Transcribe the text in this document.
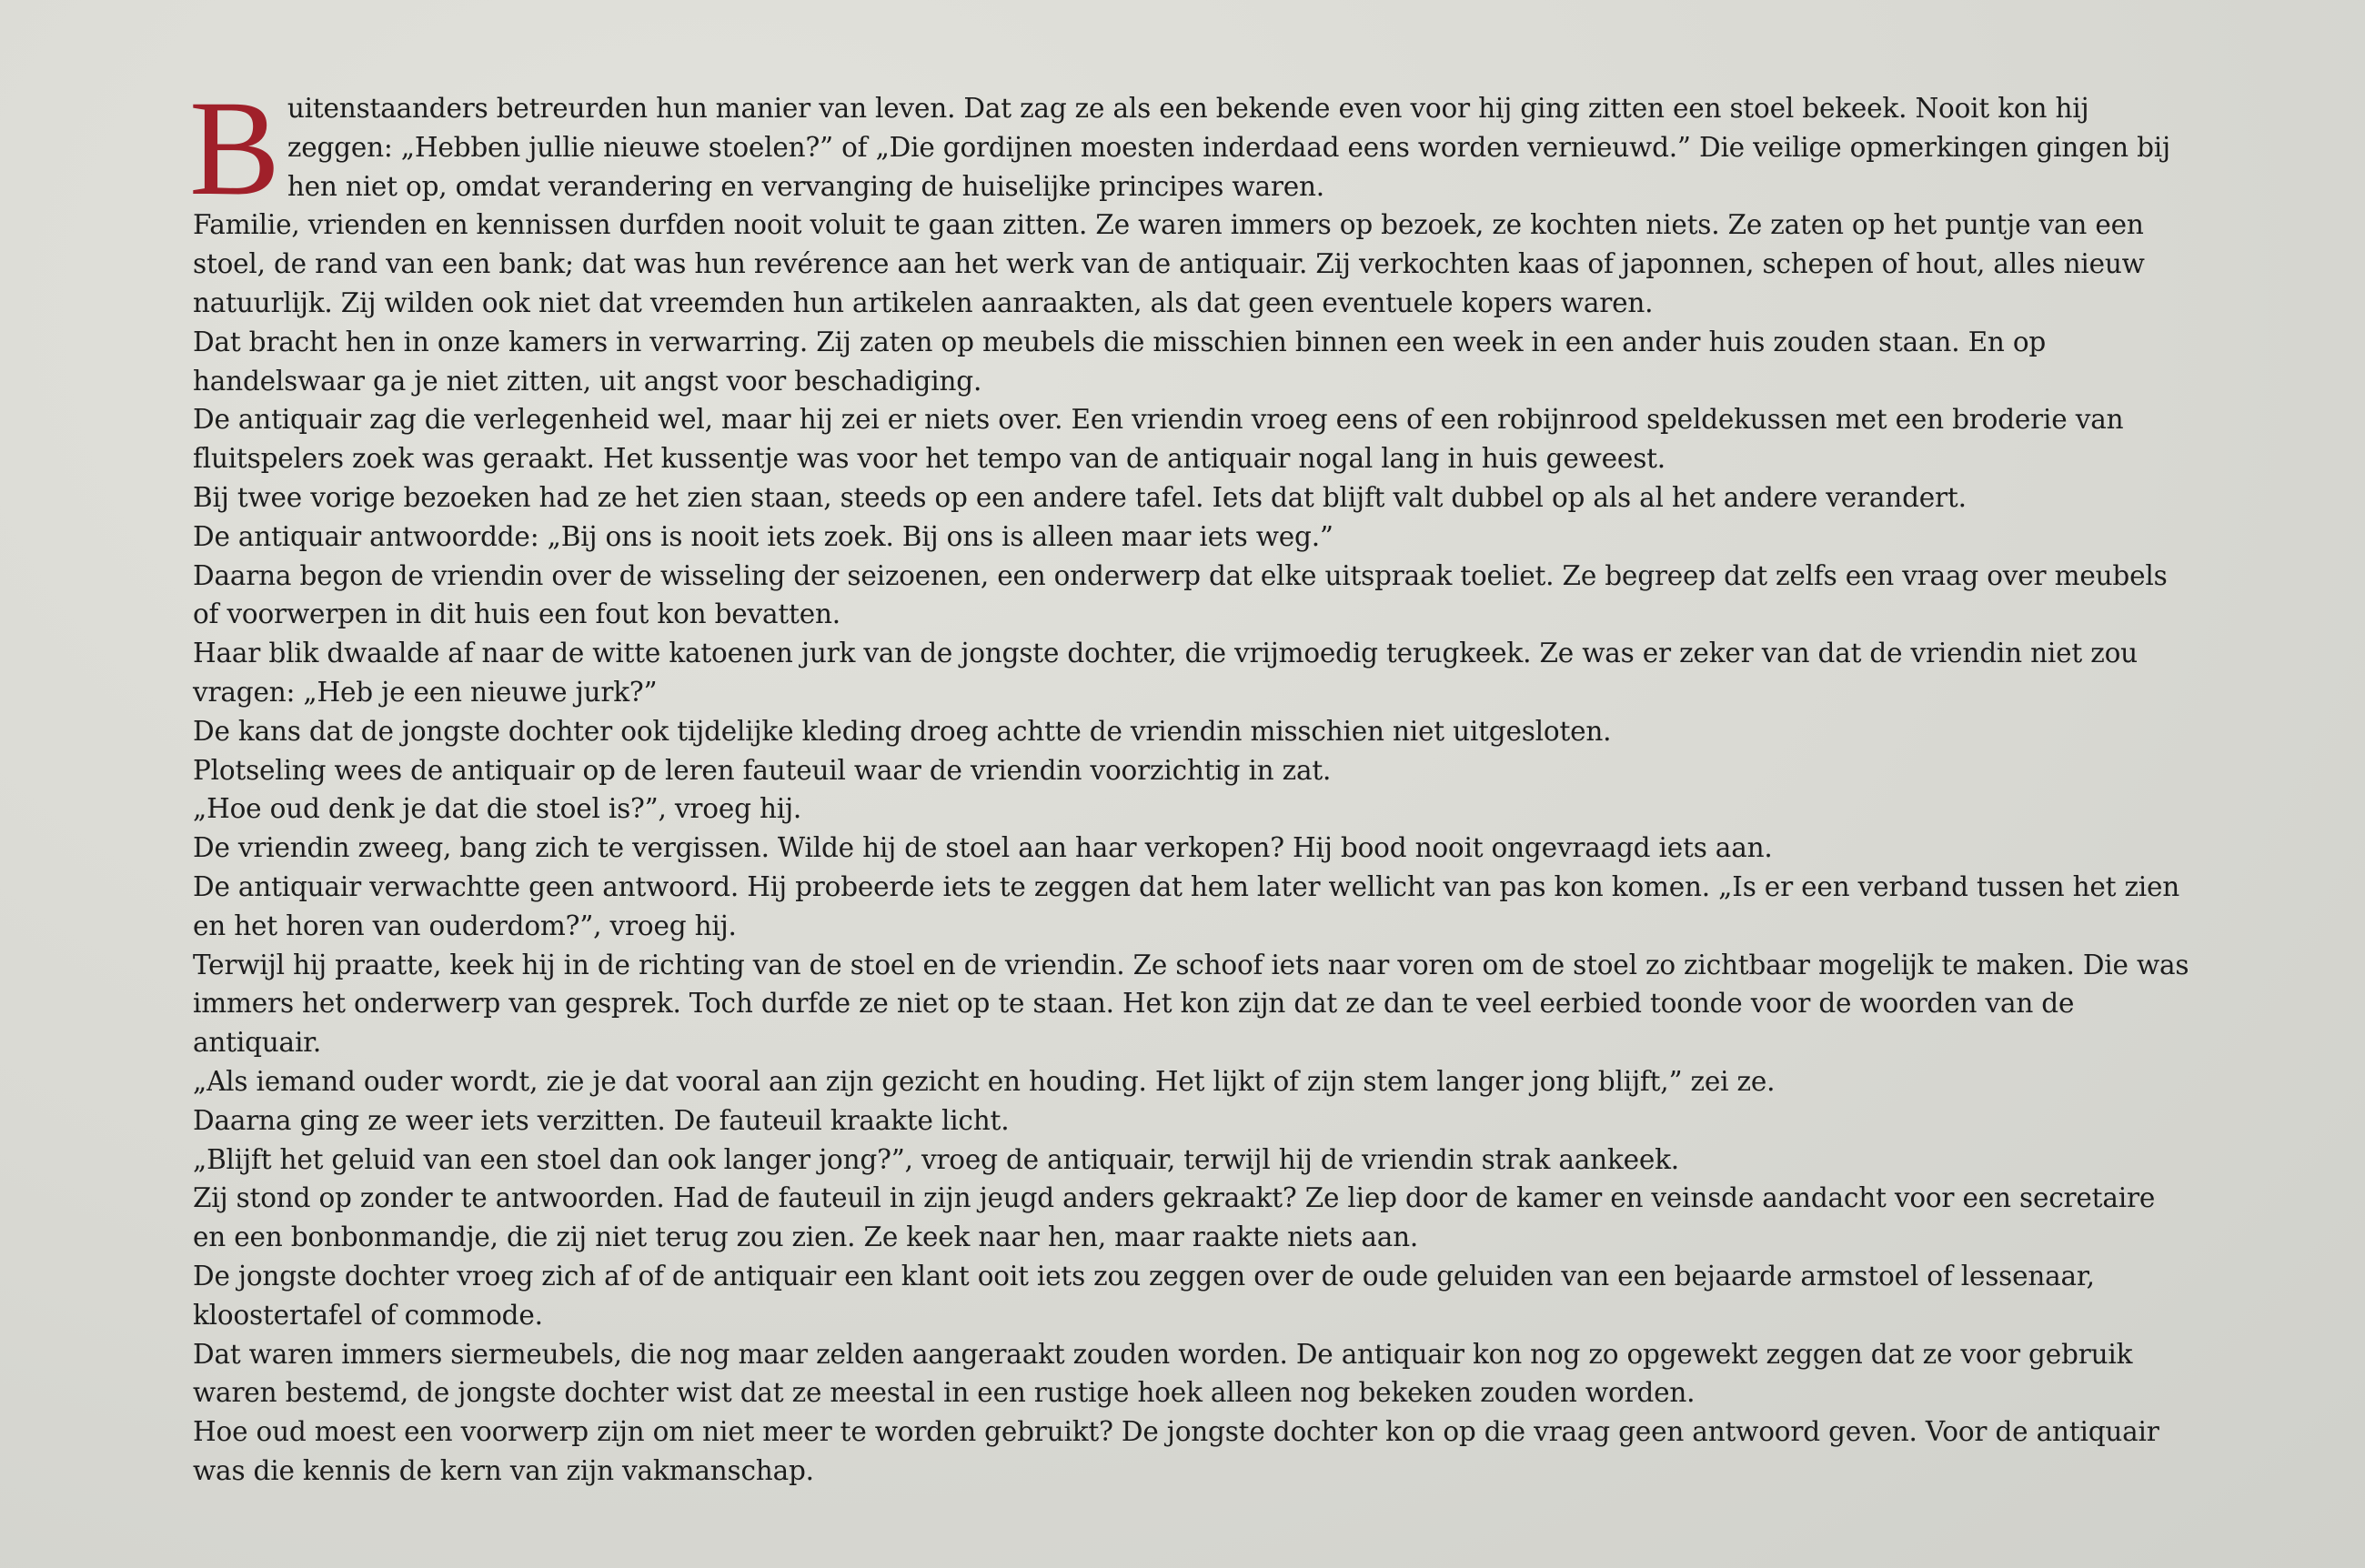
Buitenstaanders betreurden hun manier van leven. Dat zag ze als een bekende even voor hij ging zitten een stoel bekeek. Nooit kon hij zeggen: „Hebben jullie nieuwe stoelen?” of „Die gordijnen moesten inderdaad eens worden vernieuwd.” Die veilige opmerkingen gingen bij hen niet op, omdat verandering en vervanging de huiselijke principes waren.

Familie, vrienden en kennissen durfden nooit voluit te gaan zitten. Ze waren immers op bezoek, ze kochten niets. Ze zaten op het puntje van een stoel, de rand van een bank; dat was hun revérence aan het werk van de antiquair. Zij verkochten kaas of japonnen, schepen of hout, alles nieuw natuurlijk. Zij wilden ook niet dat vreemden hun artikelen aanraakten, als dat geen eventuele kopers waren.

Dat bracht hen in onze kamers in verwarring. Zij zaten op meubels die misschien binnen een week in een ander huis zouden staan. En op handelswaar ga je niet zitten, uit angst voor beschadiging.

De antiquair zag die verlegenheid wel, maar hij zei er niets over. Een vriendin vroeg eens of een robijnrood speldekussen met een broderie van fluitspelers zoek was geraakt. Het kussentje was voor het tempo van de antiquair nogal lang in huis geweest.

Bij twee vorige bezoeken had ze het zien staan, steeds op een andere tafel. Iets dat blijft valt dubbel op als al het andere verandert.

De antiquair antwoordde: „Bij ons is nooit iets zoek. Bij ons is alleen maar iets weg.”

Daarna begon de vriendin over de wisseling der seizoenen, een onderwerp dat elke uitspraak toeliet. Ze begreep dat zelfs een vraag over meubels of voorwerpen in dit huis een fout kon bevatten.

Haar blik dwaalde af naar de witte katoenen jurk van de jongste dochter, die vrijmoedig terugkeek. Ze was er zeker van dat de vriendin niet zou vragen: „Heb je een nieuwe jurk?”

De kans dat de jongste dochter ook tijdelijke kleding droeg achtte de vriendin misschien niet uitgesloten.

Plotseling wees de antiquair op de leren fauteuil waar de vriendin voorzichtig in zat.

„Hoe oud denk je dat die stoel is?”, vroeg hij.

De vriendin zweeg, bang zich te vergissen. Wilde hij de stoel aan haar verkopen? Hij bood nooit ongevraagd iets aan.

De antiquair verwachtte geen antwoord. Hij probeerde iets te zeggen dat hem later wellicht van pas kon komen. „Is er een verband tussen het zien en het horen van ouderdom?”, vroeg hij.

Terwijl hij praatte, keek hij in de richting van de stoel en de vriendin. Ze schoof iets naar voren om de stoel zo zichtbaar mogelijk te maken. Die was immers het onderwerp van gesprek. Toch durfde ze niet op te staan. Het kon zijn dat ze dan te veel eerbied toonde voor de woorden van de antiquair.

„Als iemand ouder wordt, zie je dat vooral aan zijn gezicht en houding. Het lijkt of zijn stem langer jong blijft,” zei ze.

Daarna ging ze weer iets verzitten. De fauteuil kraakte licht.

„Blijft het geluid van een stoel dan ook langer jong?”, vroeg de antiquair, terwijl hij de vriendin strak aankeek.

Zij stond op zonder te antwoorden. Had de fauteuil in zijn jeugd anders gekraakt? Ze liep door de kamer en veinsde aandacht voor een secretaire en een bonbonmandje, die zij niet terug zou zien. Ze keek naar hen, maar raakte niets aan.

De jongste dochter vroeg zich af of de antiquair een klant ooit iets zou zeggen over de oude geluiden van een bejaarde armstoel of lessenaar, kloostertafel of commode.

Dat waren immers siermeubels, die nog maar zelden aangeraakt zouden worden. De antiquair kon nog zo opgewekt zeggen dat ze voor gebruik waren bestemd, de jongste dochter wist dat ze meestal in een rustige hoek alleen nog bekeken zouden worden.

Hoe oud moest een voorwerp zijn om niet meer te worden gebruikt? De jongste dochter kon op die vraag geen antwoord geven. Voor de antiquair was die kennis de kern van zijn vakmanschap.
